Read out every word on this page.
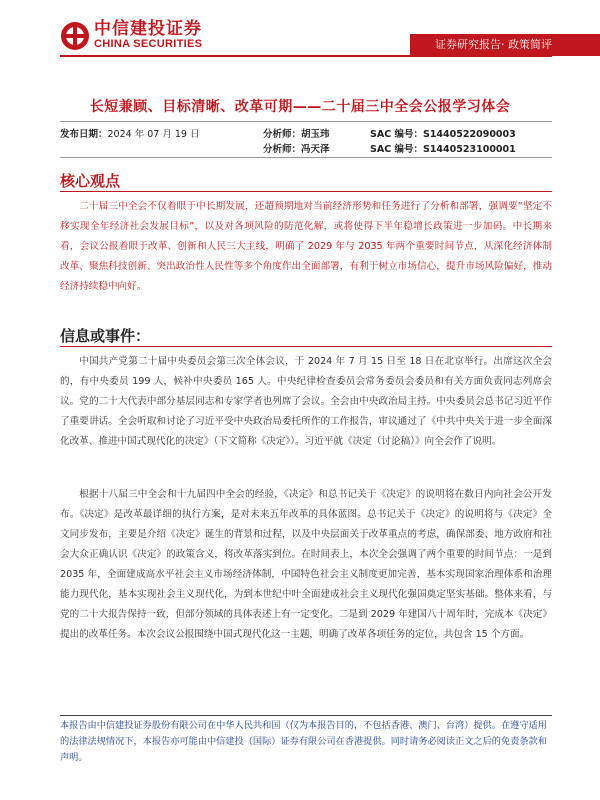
中信建投证券
CHINA SECURITIES	证券研究报告· 政策简评
长短兼顾、目标清晰、改革可期——二十届三中全会公报学习体会
发布日期：2024 年 07 月 19 日	分析师：胡玉玮	SAC 编号：S1440522090003
分析师：冯天泽	SAC 编号：S1440523100001
核心观点

二十届三中全会不仅着眼于中长期发展，还超预期地对当前经济形势和任务进行了分析和部署，强调要“坚定不移实现全年经济社会发展目标”，以及对各项风险的防范化解，或将使得下半年稳增长政策进一步加码。中长期来看，会议公报着眼于改革、创新和人民三大主线，明确了 2029 年与 2035 年两个重要时间节点，从深化经济体制改革、聚焦科技创新、突出政治性人民性等多个角度作出全面部署，有利于树立市场信心，提升市场风险偏好，推动经济持续稳中向好。

信息或事件：

中国共产党第二十届中央委员会第三次全体会议，于 2024 年 7 月 15 日至 18 日在北京举行。出席这次全会的，有中央委员 199 人，候补中央委员 165 人。中央纪律检查委员会常务委员会委员和有关方面负责同志列席会议。党的二十大代表中部分基层同志和专家学者也列席了会议。全会由中央政治局主持。中央委员会总书记习近平作了重要讲话。全会听取和讨论了习近平受中央政治局委托所作的工作报告，审议通过了《中共中央关于进一步全面深化改革、推进中国式现代化的决定》（下文简称《决定》）。习近平就《决定（讨论稿）》向全会作了说明。

根据十八届三中全会和十九届四中全会的经验，《决定》和总书记关于《决定》的说明将在数日内向社会公开发布。《决定》是改革最详细的执行方案，是对未来五年改革的具体蓝图。总书记关于《决定》的说明将与《决定》全文同步发布，主要是介绍《决定》诞生的背景和过程，以及中央层面关于改革重点的考虑，确保部委、地方政府和社会大众正确认识《决定》的政策含义，将改革落实到位。在时间表上，本次全会强调了两个重要的时间节点：一是到 2035 年，全面建成高水平社会主义市场经济体制，中国特色社会主义制度更加完善，基本实现国家治理体系和治理能力现代化，基本实现社会主义现代化，为到本世纪中叶全面建成社会主义现代化强国奠定坚实基础。整体来看，与党的二十大报告保持一致，但部分领域的具体表述上有一定变化。二是到 2029 年建国八十周年时，完成本《决定》提出的改革任务。本次会议公报围绕中国式现代化这一主题，明确了改革各项任务的定位，共包含 15 个方面。

本报告由中信建投证券股份有限公司在中华人民共和国（仅为本报告目的，不包括香港、澳门、台湾）提供。在遵守适用的法律法规情况下，本报告亦可能由中信建投（国际）证券有限公司在香港提供。同时请务必阅读正文之后的免责条款和声明。
